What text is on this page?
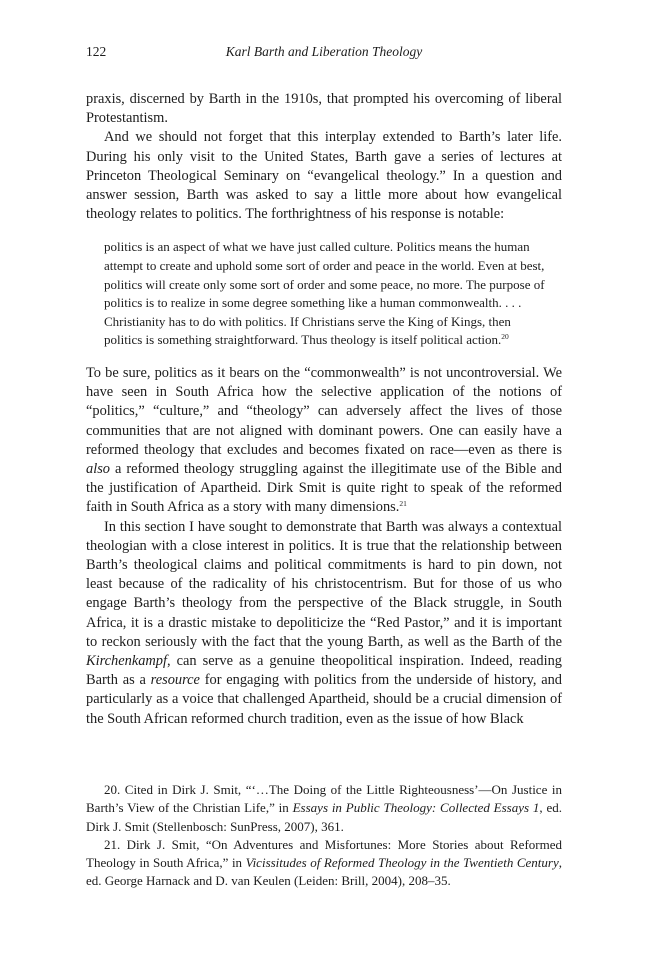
122	Karl Barth and Liberation Theology

praxis, discerned by Barth in the 1910s, that prompted his overcoming of liberal Protestantism.

And we should not forget that this interplay extended to Barth’s later life. During his only visit to the United States, Barth gave a series of lectures at Princeton Theological Seminary on “evangelical theology.” In a question and answer session, Barth was asked to say a little more about how evangelical theology relates to politics. The forthrightness of his response is notable:

politics is an aspect of what we have just called culture. Politics means the human attempt to create and uphold some sort of order and peace in the world. Even at best, politics will create only some sort of order and some peace, no more. The purpose of politics is to realize in some degree something like a human commonwealth. . . . Christianity has to do with politics. If Christians serve the King of Kings, then politics is something straightforward. Thus theology is itself political action.$^{20}$

To be sure, politics as it bears on the “commonwealth” is not uncontroversial. We have seen in South Africa how the selective application of the notions of “politics,” “culture,” and “theology” can adversely affect the lives of those communities that are not aligned with dominant powers. One can easily have a reformed theology that excludes and becomes fixated on race—even as there is also a reformed theology struggling against the illegitimate use of the Bible and the justification of Apartheid. Dirk Smit is quite right to speak of the reformed faith in South Africa as a story with many dimensions.$^{21}$

In this section I have sought to demonstrate that Barth was always a contextual theologian with a close interest in politics. It is true that the relationship between Barth’s theological claims and political commitments is hard to pin down, not least because of the radicality of his christocentrism. But for those of us who engage Barth’s theology from the perspective of the Black struggle, in South Africa, it is a drastic mistake to depoliticize the “Red Pastor,” and it is important to reckon seriously with the fact that the young Barth, as well as the Barth of the Kirchenkampf, can serve as a genuine theopolitical inspiration. Indeed, reading Barth as a resource for engaging with politics from the underside of history, and particularly as a voice that challenged Apartheid, should be a crucial dimension of the South African reformed church tradition, even as the issue of how Black

20. Cited in Dirk J. Smit, “‘…The Doing of the Little Righteousness’—On Justice in Barth’s View of the Christian Life,” in Essays in Public Theology: Collected Essays 1, ed. Dirk J. Smit (Stellenbosch: SunPress, 2007), 361.

21. Dirk J. Smit, “On Adventures and Misfortunes: More Stories about Reformed Theology in South Africa,” in Vicissitudes of Reformed Theology in the Twentieth Century, ed. George Harnack and D. van Keulen (Leiden: Brill, 2004), 208–35.
